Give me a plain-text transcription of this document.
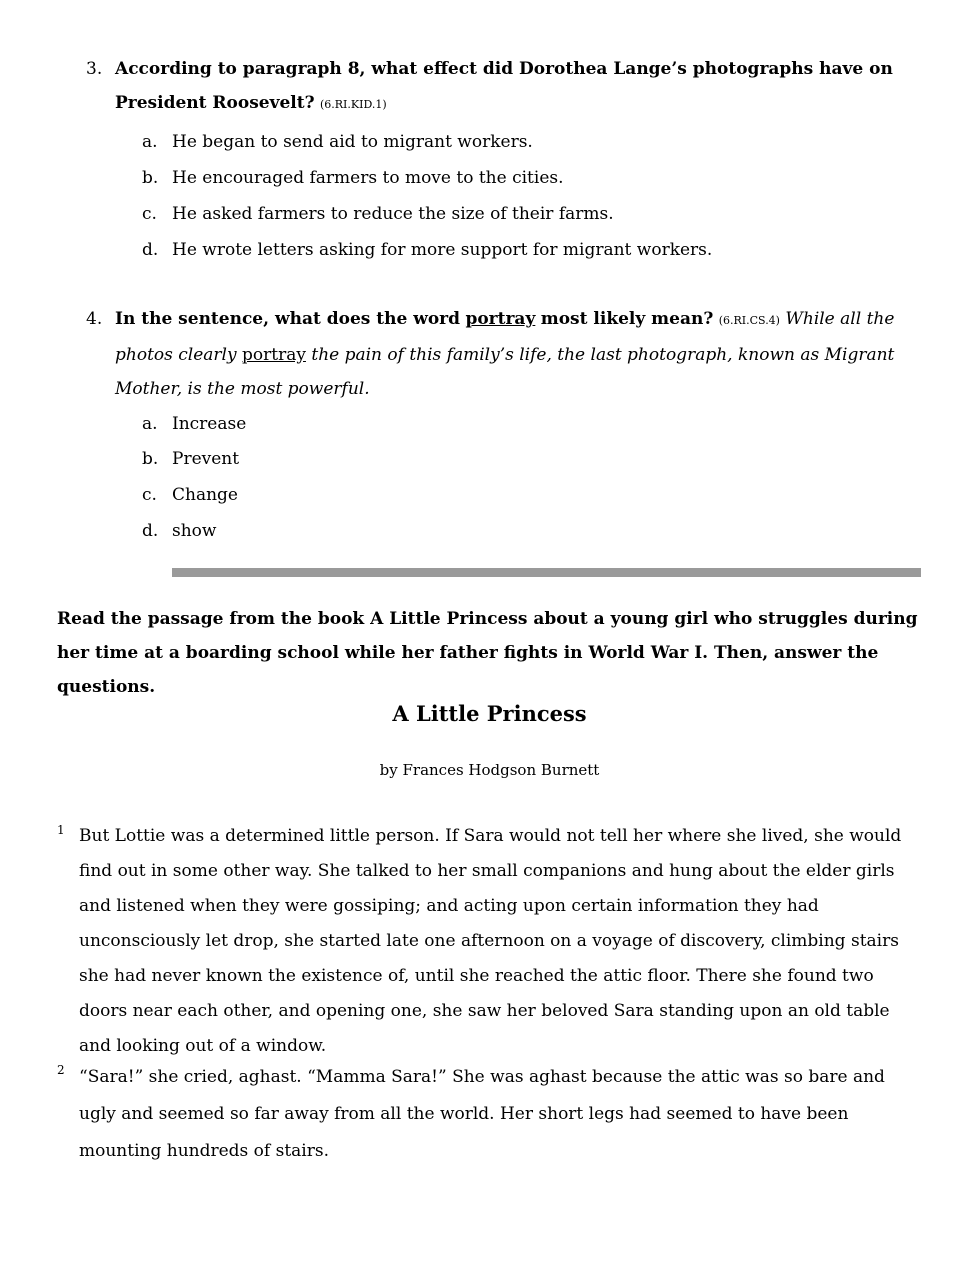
3. According to paragraph 8, what effect did Dorothea Lange’s photographs have on President Roosevelt? (6.RI.KID.1)
a. He began to send aid to migrant workers.
b. He encouraged farmers to move to the cities.
c. He asked farmers to reduce the size of their farms.
d. He wrote letters asking for more support for migrant workers.
4. In the sentence, what does the word portray most likely mean? (6.RI.CS.4) While all the photos clearly portray the pain of this family’s life, the last photograph, known as Migrant Mother, is the most powerful.
a. Increase
b. Prevent
c. Change
d. show
Read the passage from the book A Little Princess about a young girl who struggles during her time at a boarding school while her father fights in World War I. Then, answer the questions.
A Little Princess
by Frances Hodgson Burnett
1 But Lottie was a determined little person. If Sara would not tell her where she lived, she would find out in some other way. She talked to her small companions and hung about the elder girls and listened when they were gossiping; and acting upon certain information they had unconsciously let drop, she started late one afternoon on a voyage of discovery, climbing stairs she had never known the existence of, until she reached the attic floor. There she found two doors near each other, and opening one, she saw her beloved Sara standing upon an old table and looking out of a window.
2 “Sara!” she cried, aghast. “Mamma Sara!” She was aghast because the attic was so bare and ugly and seemed so far away from all the world. Her short legs had seemed to have been mounting hundreds of stairs.
